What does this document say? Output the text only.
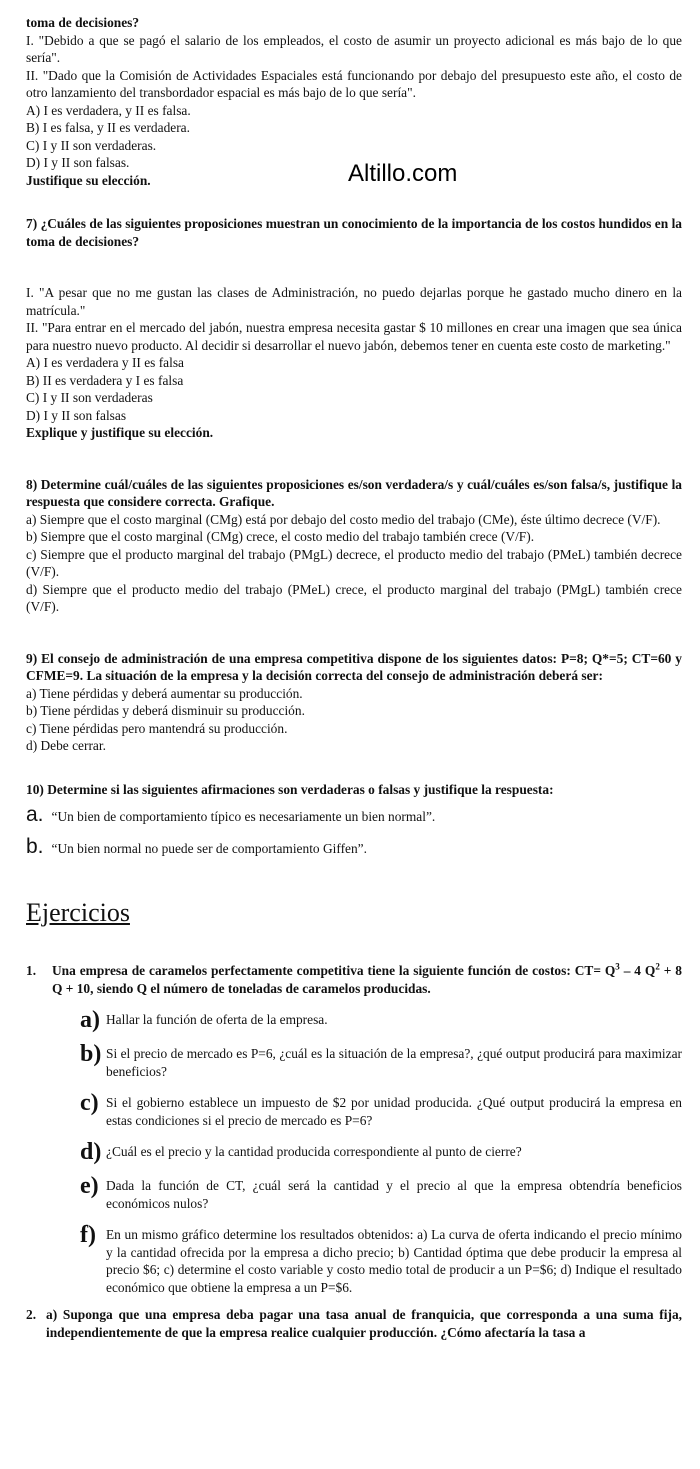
Altillo.com

toma de decisiones?

I. "Debido a que se pagó el salario de los empleados, el costo de asumir un proyecto adicional es más bajo de lo que sería".

II. "Dado que la Comisión de Actividades Espaciales está funcionando por debajo del presupuesto este año, el costo de otro lanzamiento del transbordador espacial es más bajo de lo que sería".

A) I es verdadera, y II es falsa.

B) I es falsa, y II es verdadera.

C) I y II son verdaderas.

D) I y II son falsas.

Justifique su elección.

7) ¿Cuáles de las siguientes proposiciones muestran un conocimiento de la importancia de los costos hundidos en la toma de decisiones?

I. "A pesar que no me gustan las clases de Administración, no puedo dejarlas porque he gastado mucho dinero en la matrícula."

II. "Para entrar en el mercado del jabón, nuestra empresa necesita gastar $ 10 millones en crear una imagen que sea única para nuestro nuevo producto. Al decidir si desarrollar el nuevo jabón, debemos tener en cuenta este costo de marketing."

A) I es verdadera y II es falsa

B) II es verdadera y I es falsa

C) I y II son verdaderas

D) I y II son falsas

Explique y justifique su elección.

8) Determine cuál/cuáles de las siguientes proposiciones es/son verdadera/s y cuál/cuáles es/son falsa/s, justifique la respuesta que considere correcta. Grafique.

a) Siempre que el costo marginal (CMg) está por debajo del costo medio del trabajo (CMe), éste último decrece (V/F).

b) Siempre que el costo marginal (CMg) crece, el costo medio del trabajo también crece (V/F).

c) Siempre que el producto marginal del trabajo (PMgL) decrece, el producto medio del trabajo (PMeL) también decrece (V/F).

d) Siempre que el producto medio del trabajo (PMeL) crece, el producto marginal del trabajo (PMgL) también crece (V/F).

9) El consejo de administración de una empresa competitiva dispone de los siguientes datos: P=8; Q*=5; CT=60 y CFME=9. La situación de la empresa y la decisión correcta del consejo de administración deberá ser:

a) Tiene pérdidas y deberá aumentar su producción.

b) Tiene pérdidas y deberá disminuir su producción.

c) Tiene pérdidas pero mantendrá su producción.

d) Debe cerrar.

10) Determine si las siguientes afirmaciones son verdaderas o falsas y justifique la respuesta:

a. “Un bien de comportamiento típico es necesariamente un bien normal”.
b. “Un bien normal no puede ser de comportamiento Giffen”.
Ejercicios
1.	Una empresa de caramelos perfectamente competitiva tiene la siguiente función de costos: $CT= Q^3 - 4$ $Q^2 + 8$ Q + 10, siendo Q el número de toneladas de caramelos producidas.
a) Hallar la función de oferta de la empresa.
b) Si el precio de mercado es P=6, ¿cuál es la situación de la empresa?, ¿qué output producirá para maximizar beneficios?
c) Si el gobierno establece un impuesto de $2 por unidad producida. ¿Qué output producirá la empresa en estas condiciones si el precio de mercado es P=6?
d) ¿Cuál es el precio y la cantidad producida correspondiente al punto de cierre?
e) Dada la función de CT, ¿cuál será la cantidad y el precio al que la empresa obtendría beneficios económicos nulos?
f) En un mismo gráfico determine los resultados obtenidos: a) La curva de oferta indicando el precio mínimo y la cantidad ofrecida por la empresa a dicho precio; b) Cantidad óptima que debe producir la empresa al precio $6; c) determine el costo variable y costo medio total de producir a un P=$6; d) Indique el resultado económico que obtiene la empresa a un P=$6.
2. a) Suponga que una empresa deba pagar una tasa anual de franquicia, que corresponda a una suma fija, independientemente de que la empresa realice cualquier producción. ¿Cómo afectaría la tasa a
